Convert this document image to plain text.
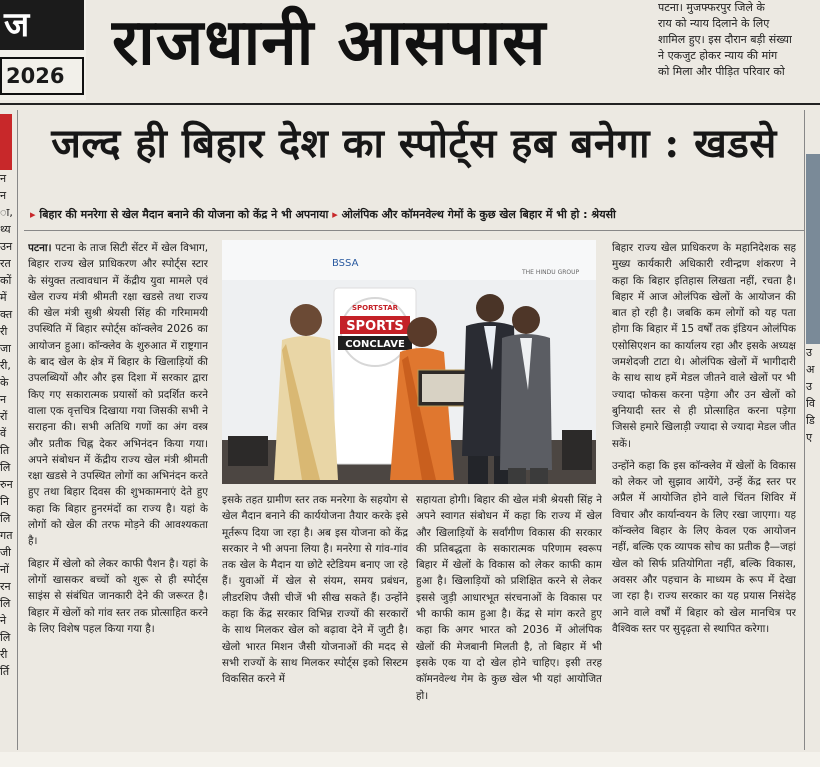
ज
2026 राजधानी आसपास	पटना। मुजफ्फरपुर जिले के
राय को न्याय दिलाने के लिए
शामिल हुए। इस दौरान बड़ी संख्या
ने एकजुट होकर न्याय की मांग
को मिला और पीड़ित परिवार को
न
न
ा,
थ्य
उन
रत
कों
में
क्त
री
जा
री,
के
न
रों
वें
ति
लि
रुन
नि
लि
गत
जी
नों
रन
लि
ने
लि
री
र्ति
उ
अ
उ
वि
डि
ए
जल्द ही बिहार देश का स्पोर्ट्स हब बनेगा : खडसे
▸ बिहार की मनरेगा से खेल मैदान बनाने की योजना को केंद्र ने भी अपनाया ▸ ओलंपिक और कॉमनवेल्थ गेमों के कुछ खेल बिहार में भी हो : श्रेयसी

पटना। पटना के ताज सिटी सेंटर में खेल विभाग, बिहार राज्य खेल प्राधिकरण और स्पोर्ट्स स्टार के संयुक्त तत्वावधान में केंद्रीय युवा मामले एवं खेल राज्य मंत्री श्रीमती रक्षा खडसे तथा राज्य की खेल मंत्री सुश्री श्रेयसी सिंह की गरिमामयी उपस्थिति में बिहार स्पोर्ट्स कॉन्क्लेव 2026 का आयोजन हुआ। कॉन्क्लेव के शुरुआत में राष्ट्रगान के बाद खेल के क्षेत्र में बिहार के खिलाड़ियों की उपलब्धियों और और इस दिशा में सरकार द्वारा किए गए सकारात्मक प्रयासों को प्रदर्शित करने वाला एक वृत्तचित्र दिखाया गया जिसकी सभी ने सराहना की। सभी अतिथि गणों का अंग वस्त्र और प्रतीक चिह्न देकर अभिनंदन किया गया। अपने संबोधन में केंद्रीय राज्य खेल मंत्री श्रीमती रक्षा खडसे ने उपस्थित लोगों का अभिनंदन करते हुए तथा बिहार दिवस की शुभकामनाएं देते हुए कहा कि बिहार हुनरमंदों का राज्य है। यहां के लोगों को खेल की तरफ मोड़ने की आवश्यकता है।

बिहार में खेलो को लेकर काफी पैशन है। यहां के लोगों खासकर बच्चों को शुरू से ही स्पोर्ट्स साइंस से संबंधित जानकारी देने की जरूरत है। बिहार में खेलों को गांव स्तर तक प्रोत्साहित करने के लिए विशेष पहल किया गया है।

BSSA
THE HINDU GROUP
SPORTSTAR
SPORTS
CONCLAVE

इसके तहत ग्रामीण स्तर तक मनरेगा के सहयोग से खेल मैदान बनाने की कार्ययोजना तैयार करके इसे मूर्तरूप दिया जा रहा है। अब इस योजना को केंद्र सरकार ने भी अपना लिया है। मनरेगा से गांव-गांव तक खेल के मैदान या छोटे स्टेडियम बनाए जा रहे हैं। युवाओं में खेल से संयम, समय प्रबंधन, लीडरशिप जैसी चीजें भी सीख सकते हैं। उन्होंने कहा कि केंद्र सरकार विभिन्न राज्यों की सरकारों के साथ मिलकर खेल को बढ़ावा देने में जुटी है। खेलो भारत मिशन जैसी योजनाओं की मदद से सभी राज्यों के साथ मिलकर स्पोर्ट्स इको सिस्टम विकसित करने में

सहायता होगी। बिहार की खेल मंत्री श्रेयसी सिंह ने अपने स्वागत संबोधन में कहा कि राज्य में खेल और खिलाड़ियों के सर्वांगीण विकास की सरकार की प्रतिबद्धता के सकारात्मक परिणाम स्वरूप बिहार में खेलों के विकास को लेकर काफी काम हुआ है। खिलाड़ियों को प्रशिक्षित करने से लेकर इससे जुड़ी आधारभूत संरचनाओं के विकास पर भी काफी काम हुआ है। केंद्र से मांग करते हुए कहा कि अगर भारत को 2036 में ओलंपिक खेलों की मेजबानी मिलती है, तो बिहार में भी इसके एक या दो खेल होने चाहिए। इसी तरह कॉमनवेल्थ गेम के कुछ खेल भी यहां आयोजित हो।

बिहार राज्य खेल प्राधिकरण के महानिदेशक सह मुख्य कार्यकारी अधिकारी रवीन्द्रण शंकरण ने कहा कि बिहार इतिहास लिखता नहीं, रचता है। बिहार में आज ओलंपिक खेलों के आयोजन की बात हो रही है। जबकि कम लोगों को यह पता होगा कि बिहार में 15 वर्षों तक इंडियन ओलंपिक एसोसिएशन का कार्यालय रहा और इसके अध्यक्ष जमशेदजी टाटा थे। ओलंपिक खेलों में भागीदारी के साथ साथ हमें मेडल जीतने वाले खेलों पर भी ज्यादा फोकस करना पड़ेगा और उन खेलों को बुनियादी स्तर से ही प्रोत्साहित करना पड़ेगा जिससे हमारे खिलाड़ी ज्यादा से ज्यादा मेडल जीत सकें।

उन्होंने कहा कि इस कॉन्क्लेव में खेलों के विकास को लेकर जो सुझाव आयेंगे, उन्हें केंद्र स्तर पर अप्रैल में आयोजित होने वाले चिंतन शिविर में विचार और कार्यान्वयन के लिए रखा जाएगा। यह कॉन्क्लेव बिहार के लिए केवल एक आयोजन नहीं, बल्कि एक व्यापक सोच का प्रतीक है—जहां खेल को सिर्फ प्रतियोगिता नहीं, बल्कि विकास, अवसर और पहचान के माध्यम के रूप में देखा जा रहा है। राज्य सरकार का यह प्रयास निसंदेह आने वाले वर्षों में बिहार को खेल मानचित्र पर वैश्विक स्तर पर सुदृढ़ता से स्थापित करेगा।
